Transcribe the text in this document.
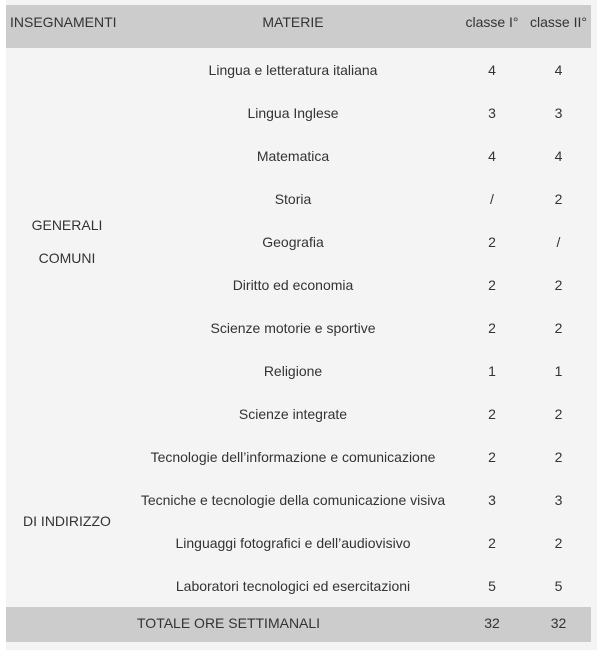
INSEGNAMENTI	MATERIE	classe I°	classe II°
GENERALI
COMUNI	Lingua e letteratura italiana	4	4
	Lingua Inglese	3	3
	Matematica	4	4
	Storia	/	2
	Geografia	2	/
	Diritto ed economia	2	2
	Scienze motorie e sportive	2	2
	Religione	1	1
	Scienze integrate	2	2
DI INDIRIZZO	Tecnologie dell’informazione e comunicazione	2	2
	Tecniche e tecnologie della comunicazione visiva	3	3
	Linguaggi fotografici e dell’audiovisivo	2	2
	Laboratori tecnologici ed esercitazioni	5	5
	TOTALE ORE SETTIMANALI	32	32
